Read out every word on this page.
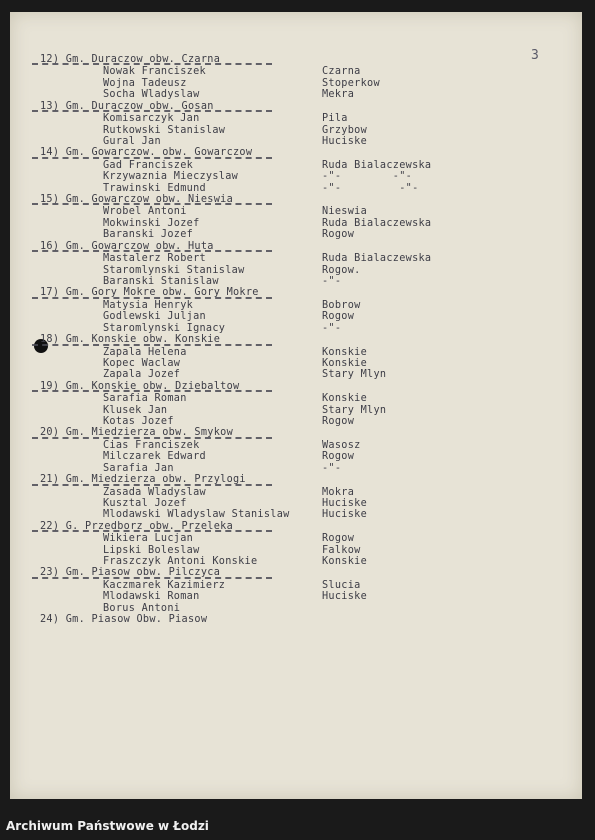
3
12) Gm. Duraczow obw. Czarna
Nowak Franciszek	Czarna
Wojna Tadeusz	Stoperkow
Socha Wladyslaw	Mekra
13) Gm. Duraczow obw. Gosan
Komisarczyk Jan	Pila
Rutkowski Stanislaw	Grzybow
Gural Jan	Huciske
14) Gm. Gowarczow. obw. Gowarczow
Gad Franciszek	Ruda Bialaczewska
Krzywaznia Mieczyslaw	-"-        -"-
Trawinski Edmund	-"-         -"-
15) Gm. Gowarczow obw. Nieswia
Wrobel Antoni	Nieswia
Mokwinski Jozef	Ruda Bialaczewska
Baranski Jozef	Rogow
16) Gm. Gowarczow obw. Huta
Mastalerz Robert	Ruda Bialaczewska
Staromlynski Stanislaw	Rogow.
Baranski Stanislaw	-"-
17) Gm. Gory Mokre obw. Gory Mokre
Matysia Henryk	Bobrow
Godlewski Juljan	Rogow
Staromlynski Ignacy	-"-
18) Gm. Konskie obw. Konskie
Zapala Helena	Konskie
Kopec Waclaw	Konskie
Zapala Jozef	Stary Mlyn
19) Gm. Konskie obw. Dziebaltow
Sarafia Roman	Konskie
Klusek Jan	Stary Mlyn
Kotas Jozef	Rogow
20) Gm. Miedzierza obw. Smykow
Cias Franciszek	Wasosz
Milczarek Edward	Rogow
Sarafia Jan	-"-
21) Gm. Miedzierza obw. Przylogi
Zasada Wladyslaw	Mokra
Kusztal Jozef	Huciske
Mlodawski Wladyslaw Stanislaw	Huciske
22) G. Przedborz obw. Przeleka
Wikiera Lucjan	Rogow
Lipski Boleslaw	Falkow
Fraszczyk Antoni Konskie	Konskie
23) Gm. Piasow obw. Pilczyca
Kaczmarek Kazimierz	Slucia
Mlodawski Roman	Huciske
Borus Antoni
24) Gm. Piasow Obw. Piasow
Archiwum Państwowe w Łodzi
